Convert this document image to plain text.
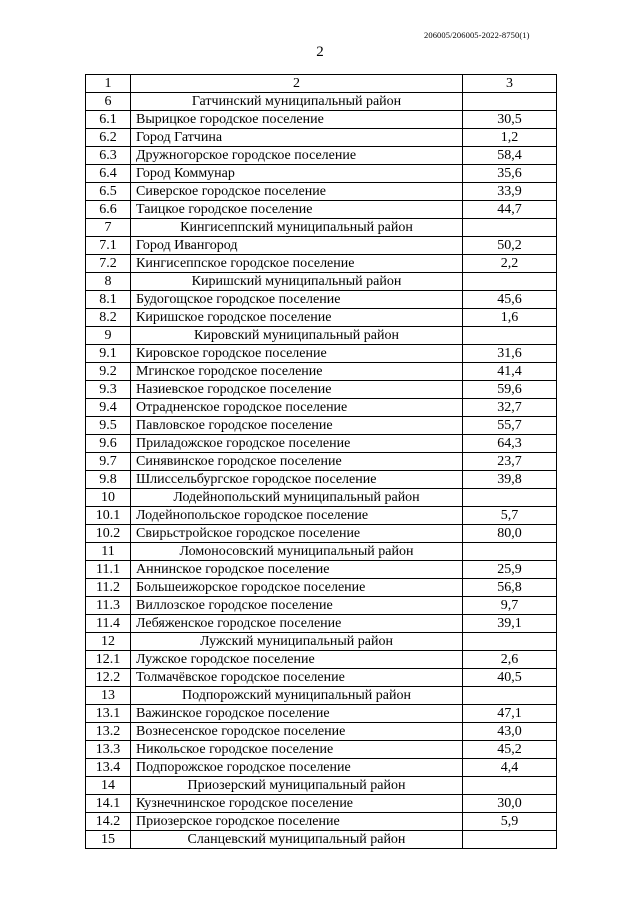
206005/206005-2022-8750(1)
2
1	2	3
6	Гатчинский муниципальный район	
6.1	Вырицкое городское поселение	30,5
6.2	Город Гатчина	1,2
6.3	Дружногорское городское поселение	58,4
6.4	Город Коммунар	35,6
6.5	Сиверское городское поселение	33,9
6.6	Таицкое городское поселение	44,7
7	Кингисеппский муниципальный район	
7.1	Город Ивангород	50,2
7.2	Кингисеппское городское поселение	2,2
8	Киришский муниципальный район	
8.1	Будогощское городское поселение	45,6
8.2	Киришское городское поселение	1,6
9	Кировский муниципальный район	
9.1	Кировское городское поселение	31,6
9.2	Мгинское городское поселение	41,4
9.3	Назиевское городское поселение	59,6
9.4	Отрадненское городское поселение	32,7
9.5	Павловское городское поселение	55,7
9.6	Приладожское городское поселение	64,3
9.7	Синявинское городское поселение	23,7
9.8	Шлиссельбургское городское поселение	39,8
10	Лодейнопольский муниципальный район	
10.1	Лодейнопольское городское поселение	5,7
10.2	Свирьстройское городское поселение	80,0
11	Ломоносовский муниципальный район	
11.1	Аннинское городское поселение	25,9
11.2	Большеижорское городское поселение	56,8
11.3	Виллозское городское поселение	9,7
11.4	Лебяженское городское поселение	39,1
12	Лужский муниципальный район	
12.1	Лужское городское поселение	2,6
12.2	Толмачёвское городское поселение	40,5
13	Подпорожский муниципальный район	
13.1	Важинское городское поселение	47,1
13.2	Вознесенское городское поселение	43,0
13.3	Никольское городское поселение	45,2
13.4	Подпорожское городское поселение	4,4
14	Приозерский муниципальный район	
14.1	Кузнечнинское городское поселение	30,0
14.2	Приозерское городское поселение	5,9
15	Сланцевский муниципальный район	
